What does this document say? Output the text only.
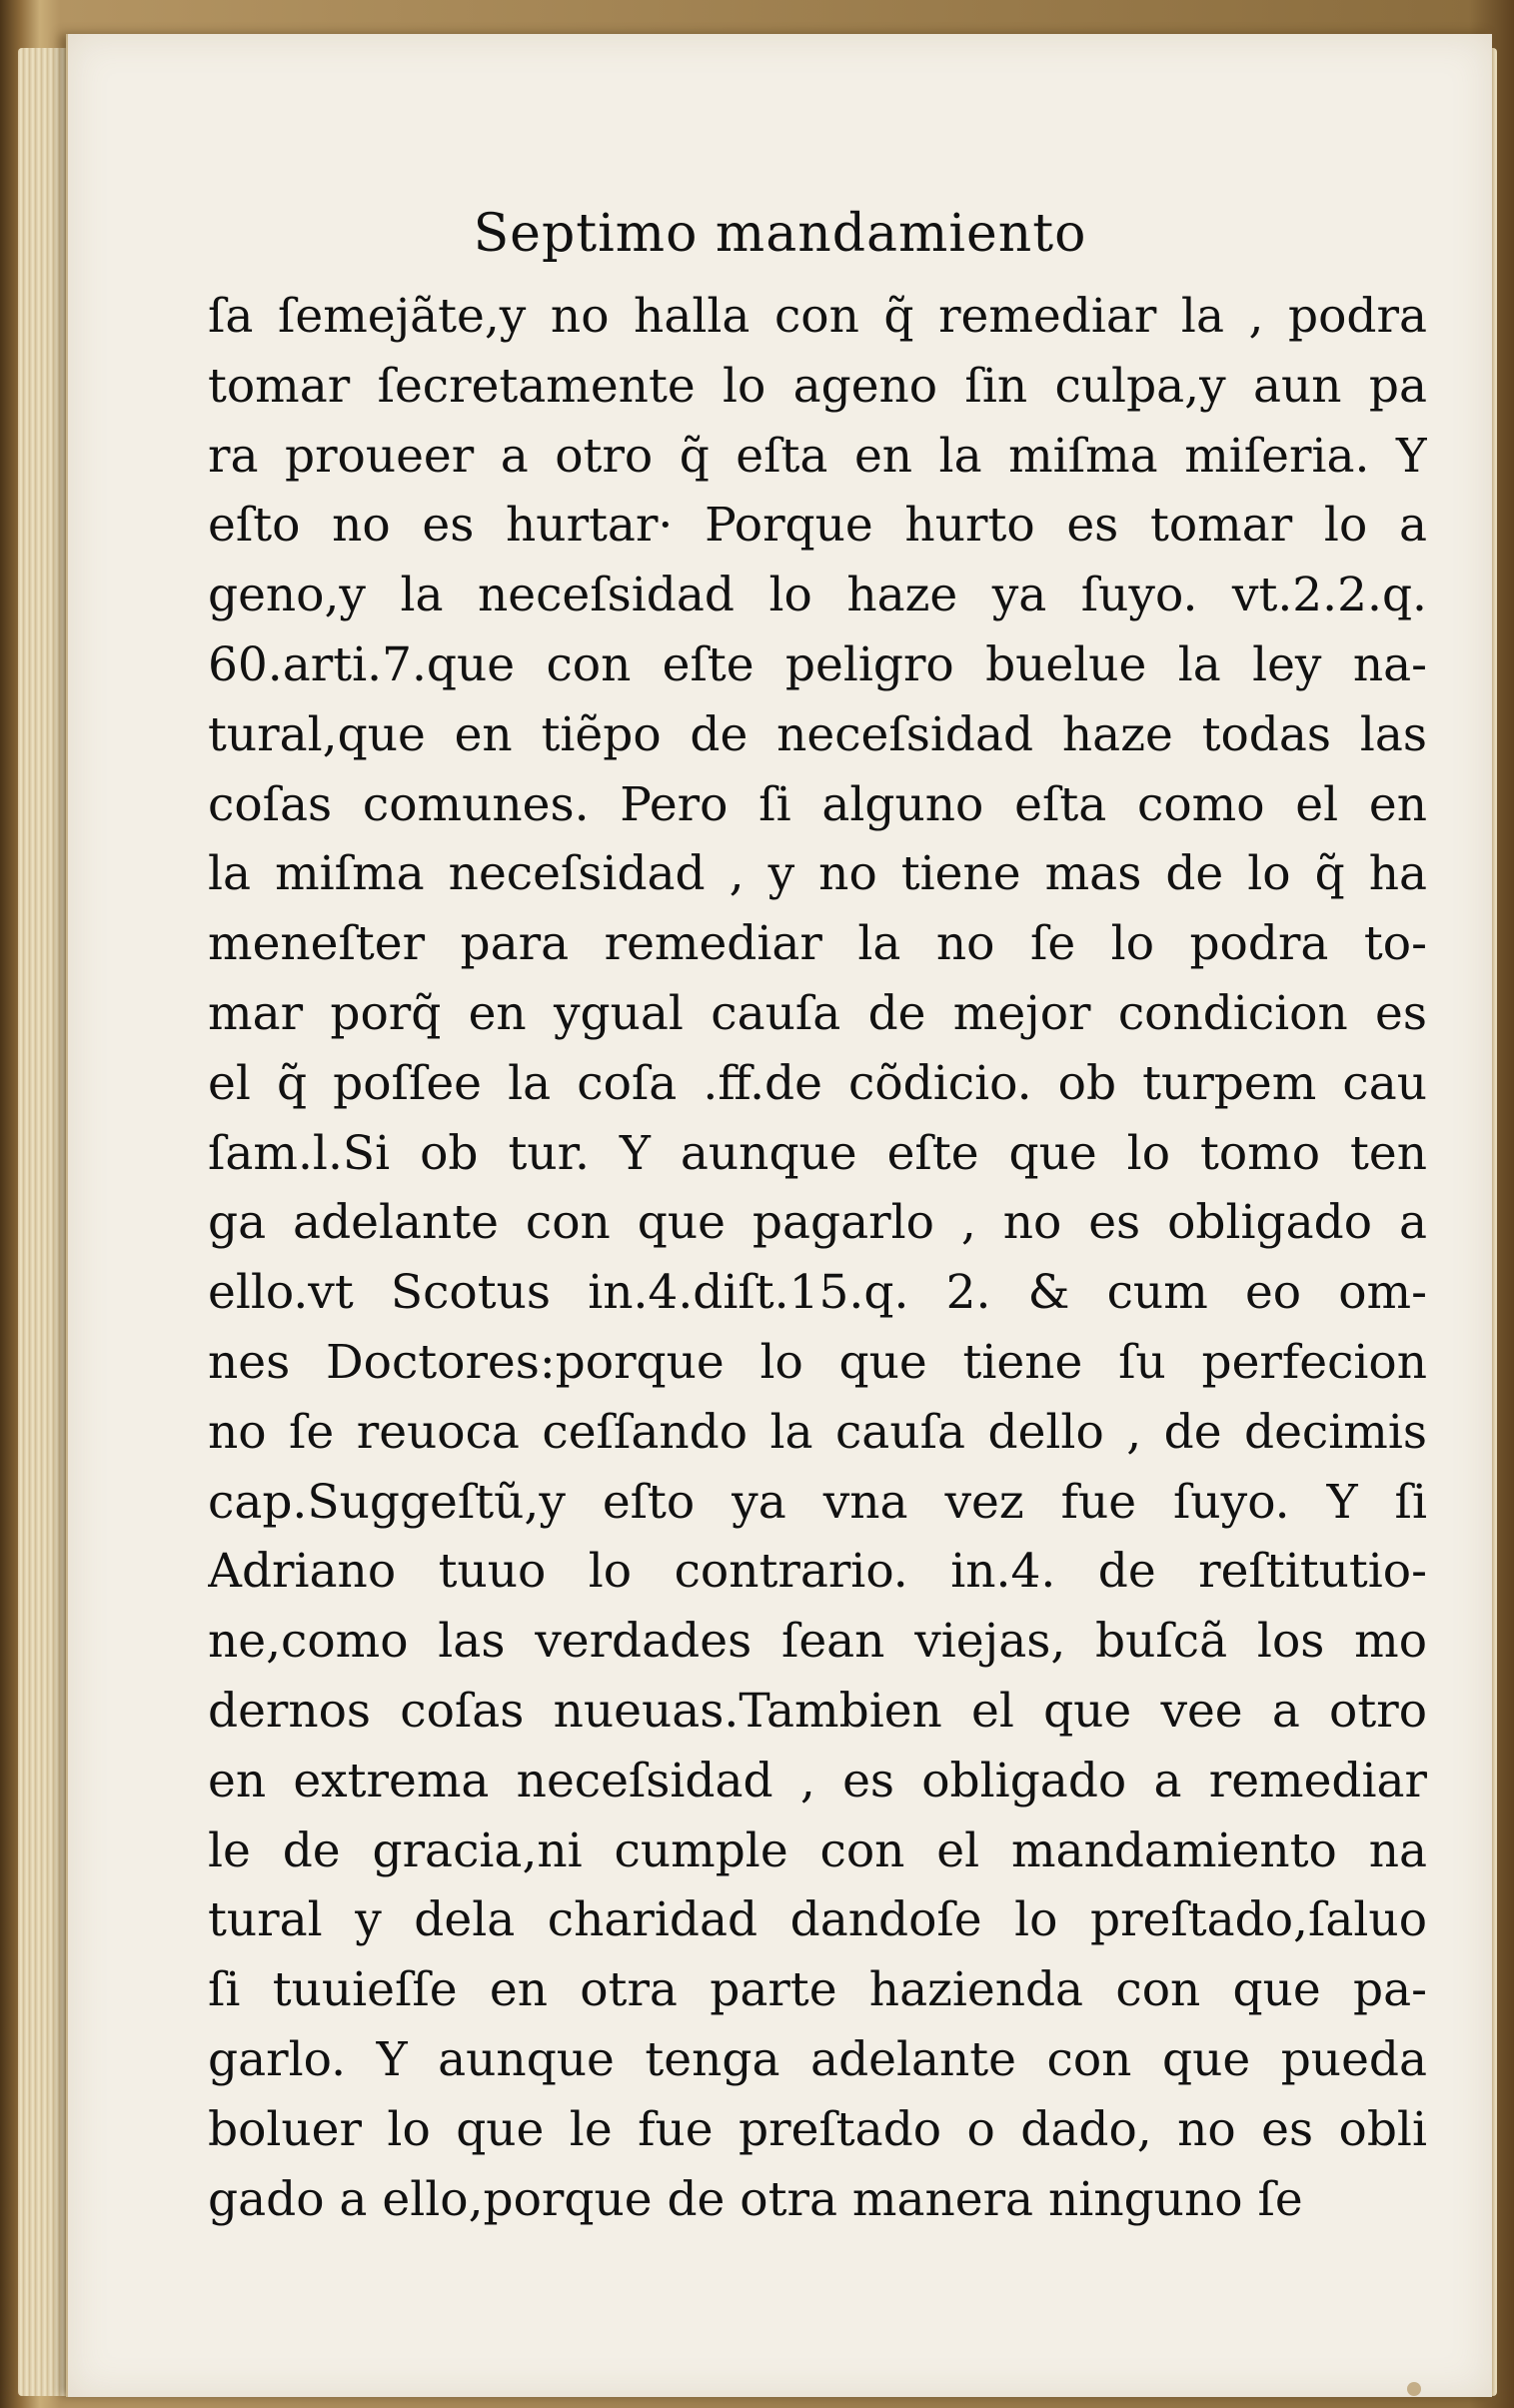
Septimo mandamiento
ſa ſemejãte,y no halla con q̃ remediar la , podra
tomar ſecretamente lo ageno ſin culpa,y aun pa
ra proueer a otro q̃ eſta en la miſma miſeria. Y
eſto no es hurtar· Porque hurto es tomar lo a
geno,y la neceſsidad lo haze ya ſuyo. vt.2.2.q.
60.arti.7.que con eſte peligro buelue la ley na-
tural,que en tiẽpo de neceſsidad haze todas las
coſas comunes. Pero ſi alguno eſta como el en
la miſma neceſsidad , y no tiene mas de lo q̃ ha
meneſter para remediar la no ſe lo podra to-
mar porq̃ en ygual cauſa de mejor condicion es
el q̃ poſſee la coſa .ff.de cõdicio. ob turpem cau
ſam.l.Si ob tur. Y aunque eſte que lo tomo ten
ga adelante con que pagarlo , no es obligado a
ello.vt Scotus in.4.diſt.15.q. 2. & cum eo om-
nes Doctores:porque lo que tiene ſu perfecion
no ſe reuoca ceſſando la cauſa dello , de decimis
cap.Suggeſtũ,y eſto ya vna vez fue ſuyo. Y ſi
Adriano tuuo lo contrario. in.4. de reſtitutio-
ne,como las verdades ſean viejas, buſcã los mo
dernos coſas nueuas.Tambien el que vee a otro
en extrema neceſsidad , es obligado a remediar
le de gracia,ni cumple con el mandamiento na
tural y dela charidad dandoſe lo preſtado,ſaluo
ſi tuuieſſe en otra parte hazienda con que pa-
garlo. Y aunque tenga adelante con que pueda
boluer lo que le fue preſtado o dado, no es obli
gado a ello,porque de otra manera ninguno ſe
